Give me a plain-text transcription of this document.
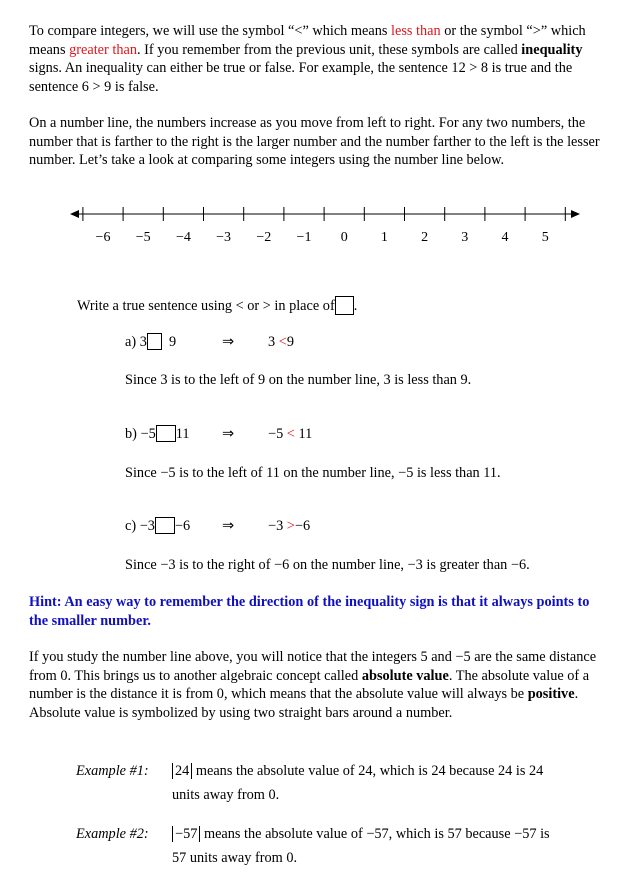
To compare integers, we will use the symbol “<” which means less than or the symbol “>” which means greater than. If you remember from the previous unit, these symbols are called inequality signs. An inequality can either be true or false. For example, the sentence 12 > 8 is true and the sentence 6 > 9 is false.

On a number line, the numbers increase as you move from left to right. For any two numbers, the number that is farther to the right is the larger number and the number farther to the left is the lesser number. Let’s take a look at comparing some integers using the number line below.

−6 −5 −4 −3 −2 −1 0 1 2 3 4 5
Write a true sentence using < or > in place of .
a) 3 9	⇒ 3 <9
Since 3 is to the left of 9 on the number line, 3 is less than 9.
b) −5 11 ⇒ −5 < 11
Since −5 is to the left of 11 on the number line, −5 is less than 11.
c) −3 −6 ⇒ −3 >−6
Since −3 is to the right of −6 on the number line, −3 is greater than −6.

Hint: An easy way to remember the direction of the inequality sign is that it always points to the smaller number.

If you study the number line above, you will notice that the integers 5 and −5 are the same distance from 0. This brings us to another algebraic concept called absolute value. The absolute value of a number is the distance it is from 0, which means that the absolute value will always be positive. Absolute value is symbolized by using two straight bars around a number.

Example #1: 24 means the absolute value of 24, which is 24 because 24 is 24
units away from 0.
Example #2: −57 means the absolute value of −57, which is 57 because −57 is
57 units away from 0.
